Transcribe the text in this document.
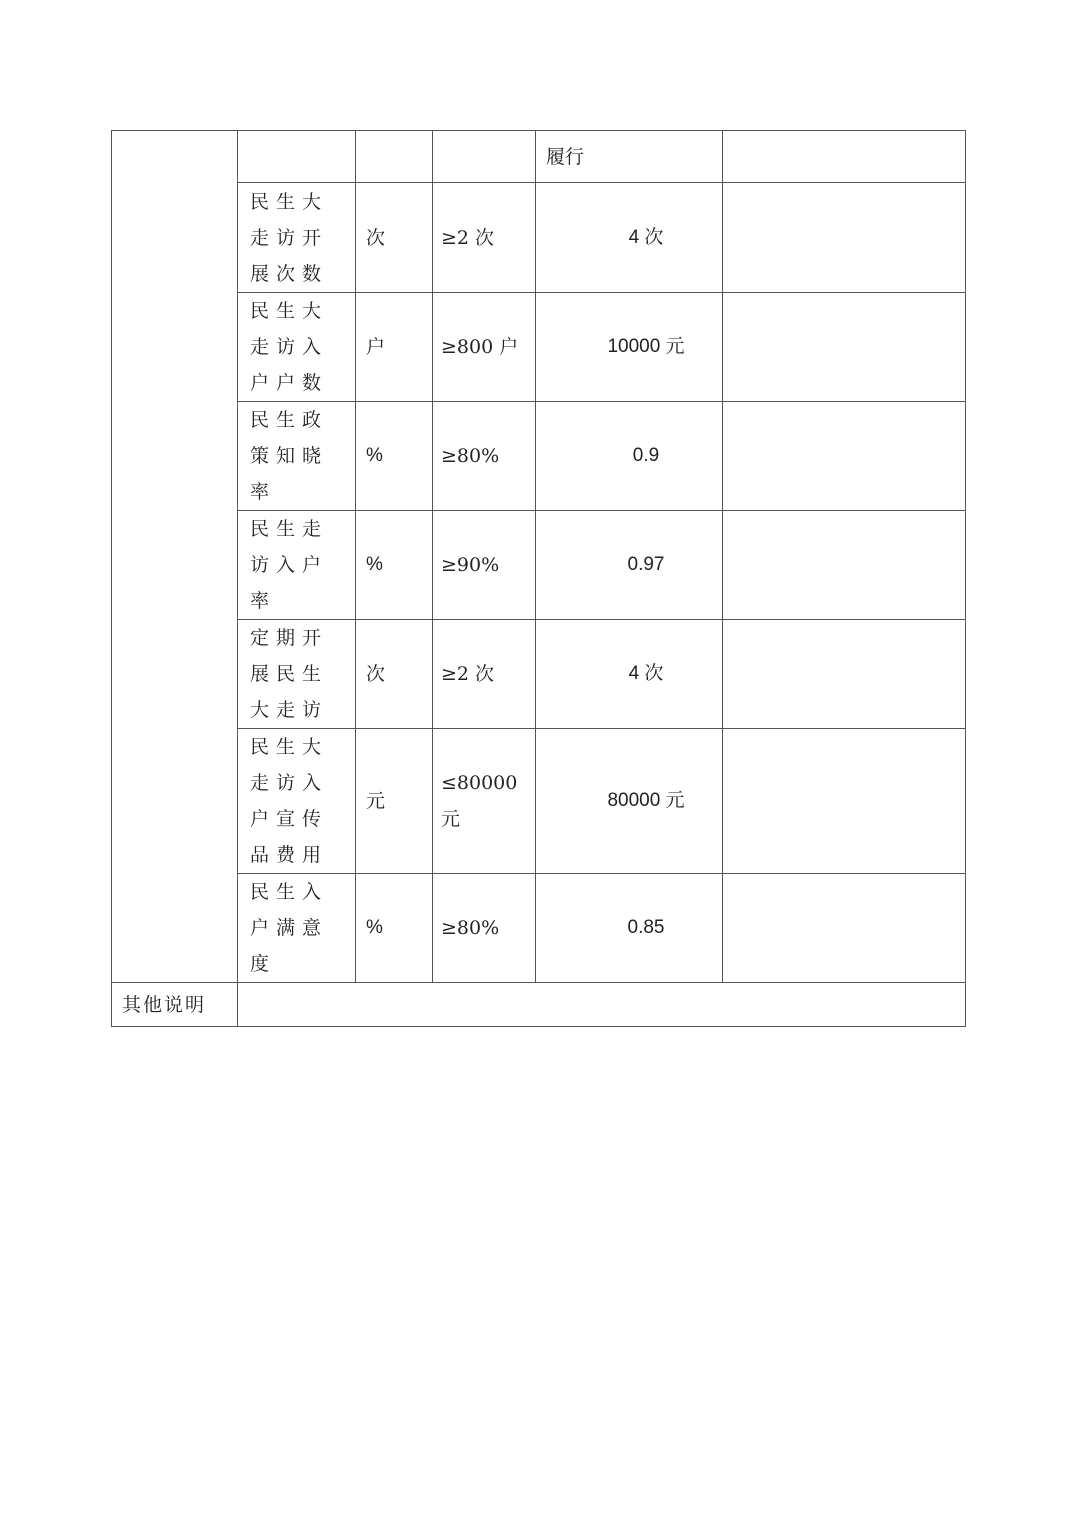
				履行	
	民生大走访开展次数	次	≥2 次	4 次	
	民生大走访入户户数	户	≥800 户	10000 元	
	民生政策知晓率	%	≥80%	0.9	
	民生走访入户率	%	≥90%	0.97	
	定期开展民生大走访	次	≥2 次	4 次	
	民生大走访入户宣传品费用	元	≤80000 元	80000 元	
	民生入户满意度	%	≥80%	0.85	
其他说明					
